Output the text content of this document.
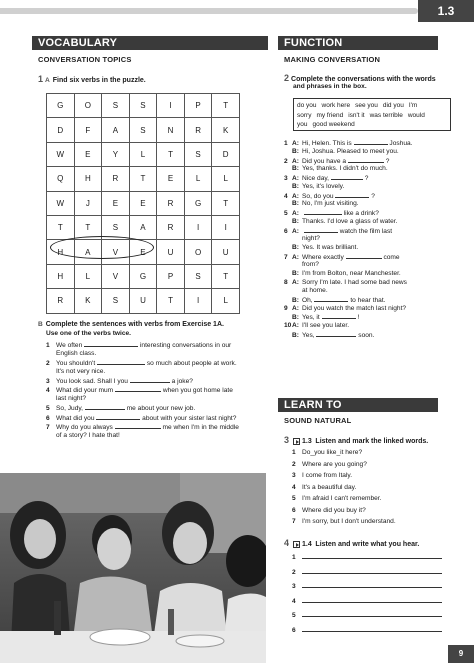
1.3
VOCABULARY
CONVERSATION TOPICS
1 A Find six verbs in the puzzle.
G	O	S	S	I	P	T
D	F	A	S	N	R	K
W	E	Y	L	T	S	D
Q	H	R	T	E	L	L
W	J	E	E	R	G	T
T	T	S	A	R	I	I
H	A	V	E	U	O	U
H	L	V	G	P	S	T
R	K	S	U	T	I	L
B Complete the sentences with verbs from Exercise 1A.
Use one of the verbs twice.
1 We often	interesting conversations in our
English class.
2 You shouldn't	so much about people at work.
It's not very nice.
3 You look sad. Shall I you	a joke?
4 What did your mum	when you got home late
last night?
5 So, Judy,	me about your new job.
6 What did you	about with your sister last night?
7 Why do you always	me when I'm in the middle
of a story? I hate that!
FUNCTION
MAKING CONVERSATION
2 Complete the conversations with the words
and phrases in the box.
do you work here see you did you I'm sorry my friend isn't it was terrible would you good weekend
1 A: Hi, Helen. This is	Joshua.
B: Hi, Joshua. Pleased to meet you.
2 A: Did you have a	?
B: Yes, thanks. I didn't do much.
3 A: Nice day,	?
B: Yes, it's lovely.
4 A: So, do you	?
B: No, I'm just visiting.
5 A:	like a drink?
B: Thanks. I'd love a glass of water.
6 A:	watch the film last
night?
B: Yes. It was brilliant.
7 A: Where exactly	come
from?
B: I'm from Bolton, near Manchester.
8 A: Sorry I'm late. I had some bad news
at home.
B: Oh,	to hear that.
9 A: Did you watch the match last night?
B: Yes, it	!
10A: I'll see you later.
B: Yes,	soon.
LEARN TO
SOUND NATURAL
3 1.3 Listen and mark the linked words.
1 Do_you like_it here?
2 Where are you going?
3 I come from Italy.
4 It's a beautiful day.
5 I'm afraid I can't remember.
6 Where did you buy it?
7 I'm sorry, but I don't understand.
4 1.4 Listen and write what you hear.
1
2
3
4
5
6
9
